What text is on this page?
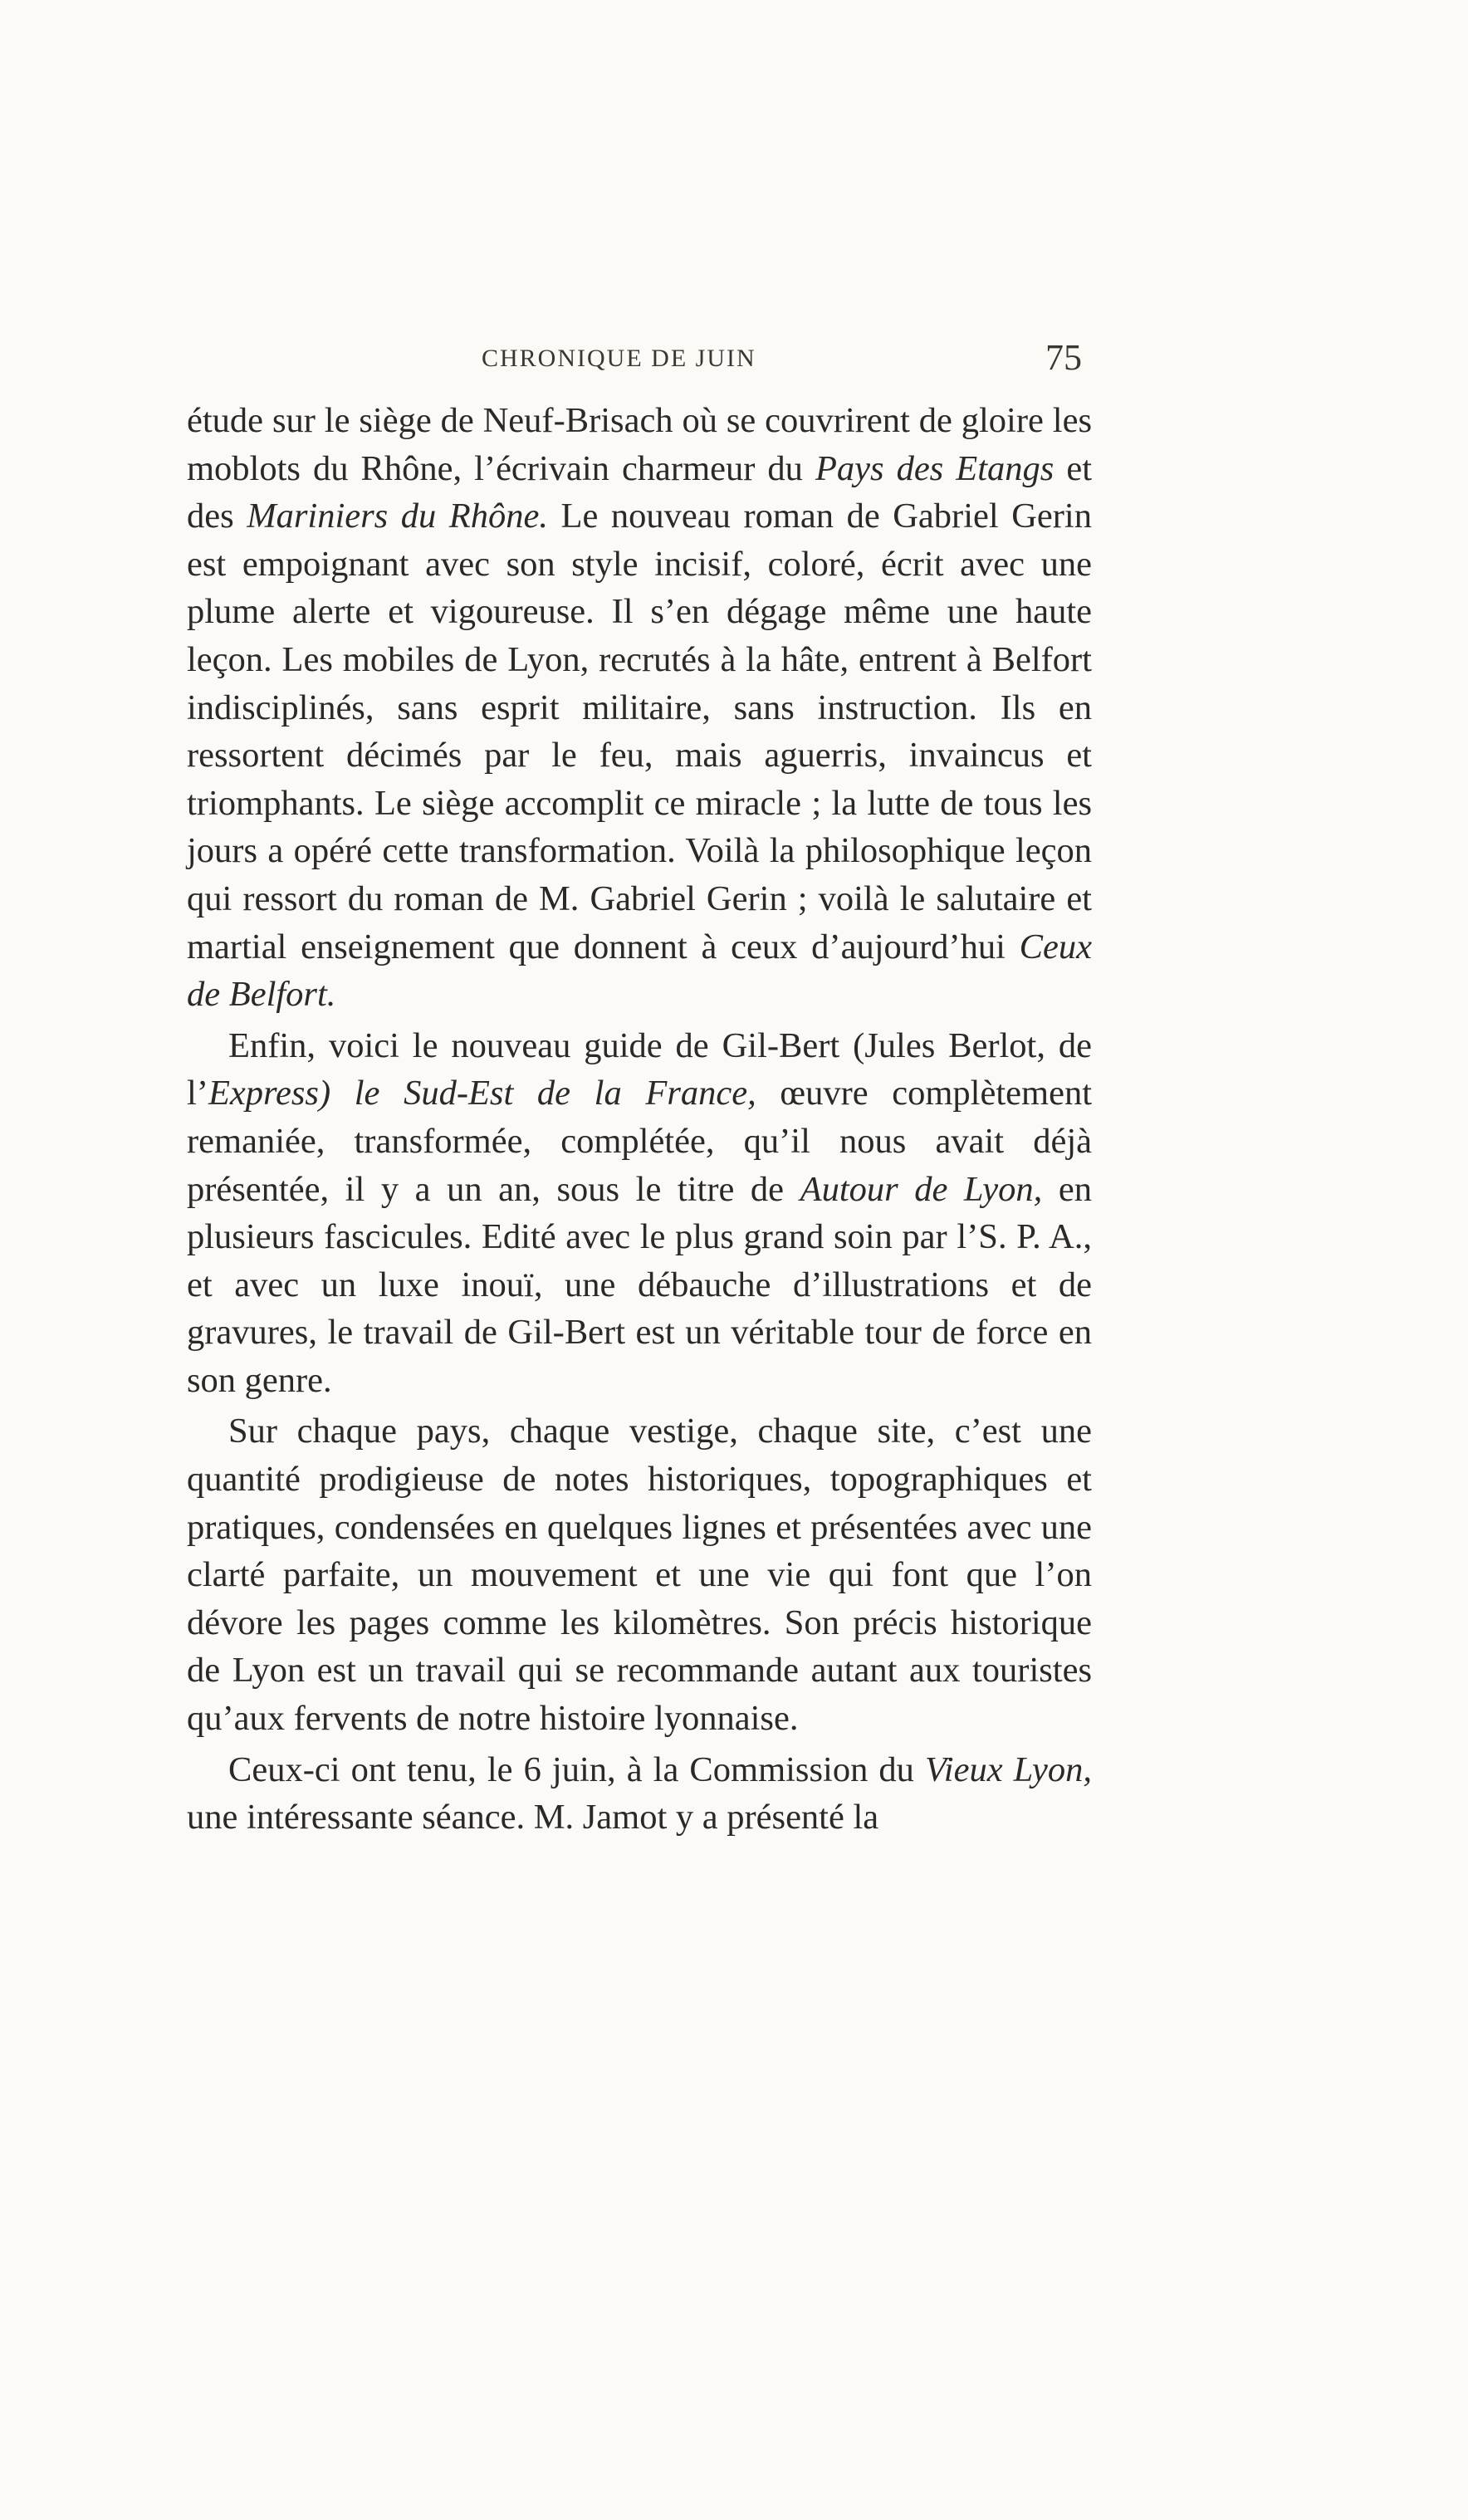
CHRONIQUE DE JUIN	75

étude sur le siège de Neuf-Brisach où se couvrirent de gloire les moblots du Rhône, l’écrivain charmeur du Pays des Etangs et des Mariniers du Rhône. Le nouveau roman de Gabriel Gerin est empoignant avec son style incisif, coloré, écrit avec une plume alerte et vigoureuse. Il s’en dégage même une haute leçon. Les mobiles de Lyon, recrutés à la hâte, entrent à Belfort indisciplinés, sans esprit militaire, sans instruction. Ils en ressortent décimés par le feu, mais aguerris, invaincus et triomphants. Le siège accomplit ce miracle ; la lutte de tous les jours a opéré cette transformation. Voilà la philosophique leçon qui ressort du roman de M. Gabriel Gerin ; voilà le salutaire et martial enseignement que donnent à ceux d’aujourd’hui Ceux de Belfort.

Enfin, voici le nouveau guide de Gil-Bert (Jules Berlot, de l’Express) le Sud-Est de la France, œuvre complètement remaniée, transformée, complétée, qu’il nous avait déjà présentée, il y a un an, sous le titre de Autour de Lyon, en plusieurs fascicules. Edité avec le plus grand soin par l’S. P. A., et avec un luxe inouï, une débauche d’illustrations et de gravures, le travail de Gil-Bert est un véritable tour de force en son genre.

Sur chaque pays, chaque vestige, chaque site, c’est une quantité prodigieuse de notes historiques, topographiques et pratiques, condensées en quelques lignes et présentées avec une clarté parfaite, un mouvement et une vie qui font que l’on dévore les pages comme les kilomètres. Son précis historique de Lyon est un travail qui se recommande autant aux touristes qu’aux fervents de notre histoire lyonnaise.

Ceux-ci ont tenu, le 6 juin, à la Commission du Vieux Lyon, une intéressante séance. M. Jamot y a présenté la
